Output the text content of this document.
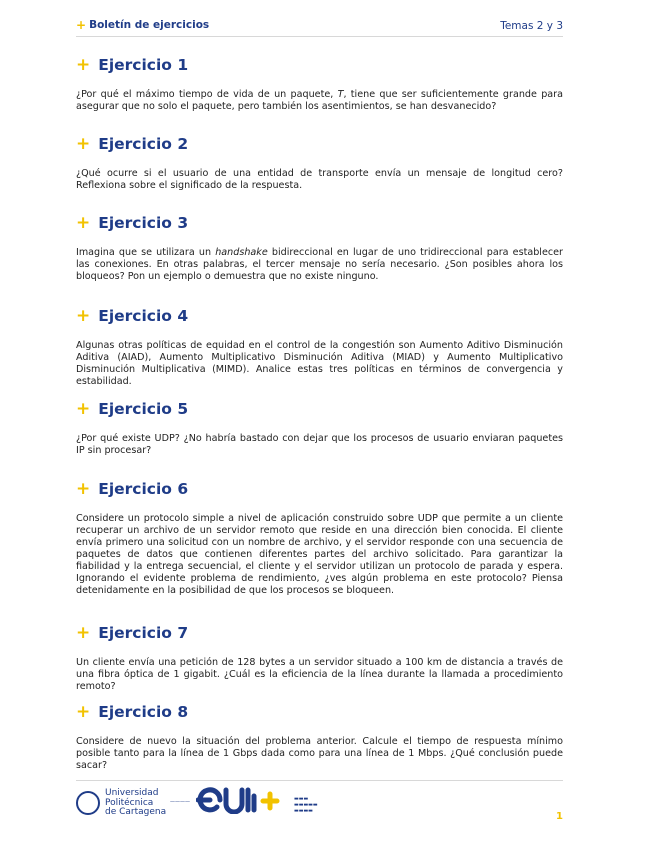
+ Boletín de ejercicios	Temas 2 y 3
+ Ejercicio 1
¿Por qué el máximo tiempo de vida de un paquete, T, tiene que ser suficientemente grande para asegurar que no solo el paquete, pero también los asentimientos, se han desvanecido?
+ Ejercicio 2
¿Qué ocurre si el usuario de una entidad de transporte envía un mensaje de longitud cero? Reflexiona sobre el significado de la respuesta.
+ Ejercicio 3
Imagina que se utilizara un handshake bidireccional en lugar de uno tridireccional para establecer las conexiones. En otras palabras, el tercer mensaje no sería necesario. ¿Son posibles ahora los bloqueos? Pon un ejemplo o demuestra que no existe ninguno.
+ Ejercicio 4
Algunas otras políticas de equidad en el control de la congestión son Aumento Aditivo Disminución Aditiva (AIAD), Aumento Multiplicativo Disminución Aditiva (MIAD) y Aumento Multiplicativo Disminución Multiplicativa (MIMD). Analice estas tres políticas en términos de convergencia y estabilidad.
+ Ejercicio 5
¿Por qué existe UDP? ¿No habría bastado con dejar que los procesos de usuario enviaran paquetes IP sin procesar?
+ Ejercicio 6
Considere un protocolo simple a nivel de aplicación construido sobre UDP que permite a un cliente recuperar un archivo de un servidor remoto que reside en una dirección bien conocida. El cliente envía primero una solicitud con un nombre de archivo, y el servidor responde con una secuencia de paquetes de datos que contienen diferentes partes del archivo solicitado. Para garantizar la fiabilidad y la entrega secuencial, el cliente y el servidor utilizan un protocolo de parada y espera. Ignorando el evidente problema de rendimiento, ¿ves algún problema en este protocolo? Piensa detenidamente en la posibilidad de que los procesos se bloqueen.
+ Ejercicio 7
Un cliente envía una petición de 128 bytes a un servidor situado a 100 km de distancia a través de una fibra óptica de 1 gigabit. ¿Cuál es la eficiencia de la línea durante la llamada a procedimiento remoto?
+ Ejercicio 8
Considere de nuevo la situación del problema anterior. Calcule el tiempo de respuesta mínimo posible tanto para la línea de 1 Gbps dada como para una línea de 1 Mbps. ¿Qué conclusión puede sacar?
Universidad
Politécnica
de Cartagena
————	▬▬▬
▬▬▬▬▬
▬▬▬▬	1
